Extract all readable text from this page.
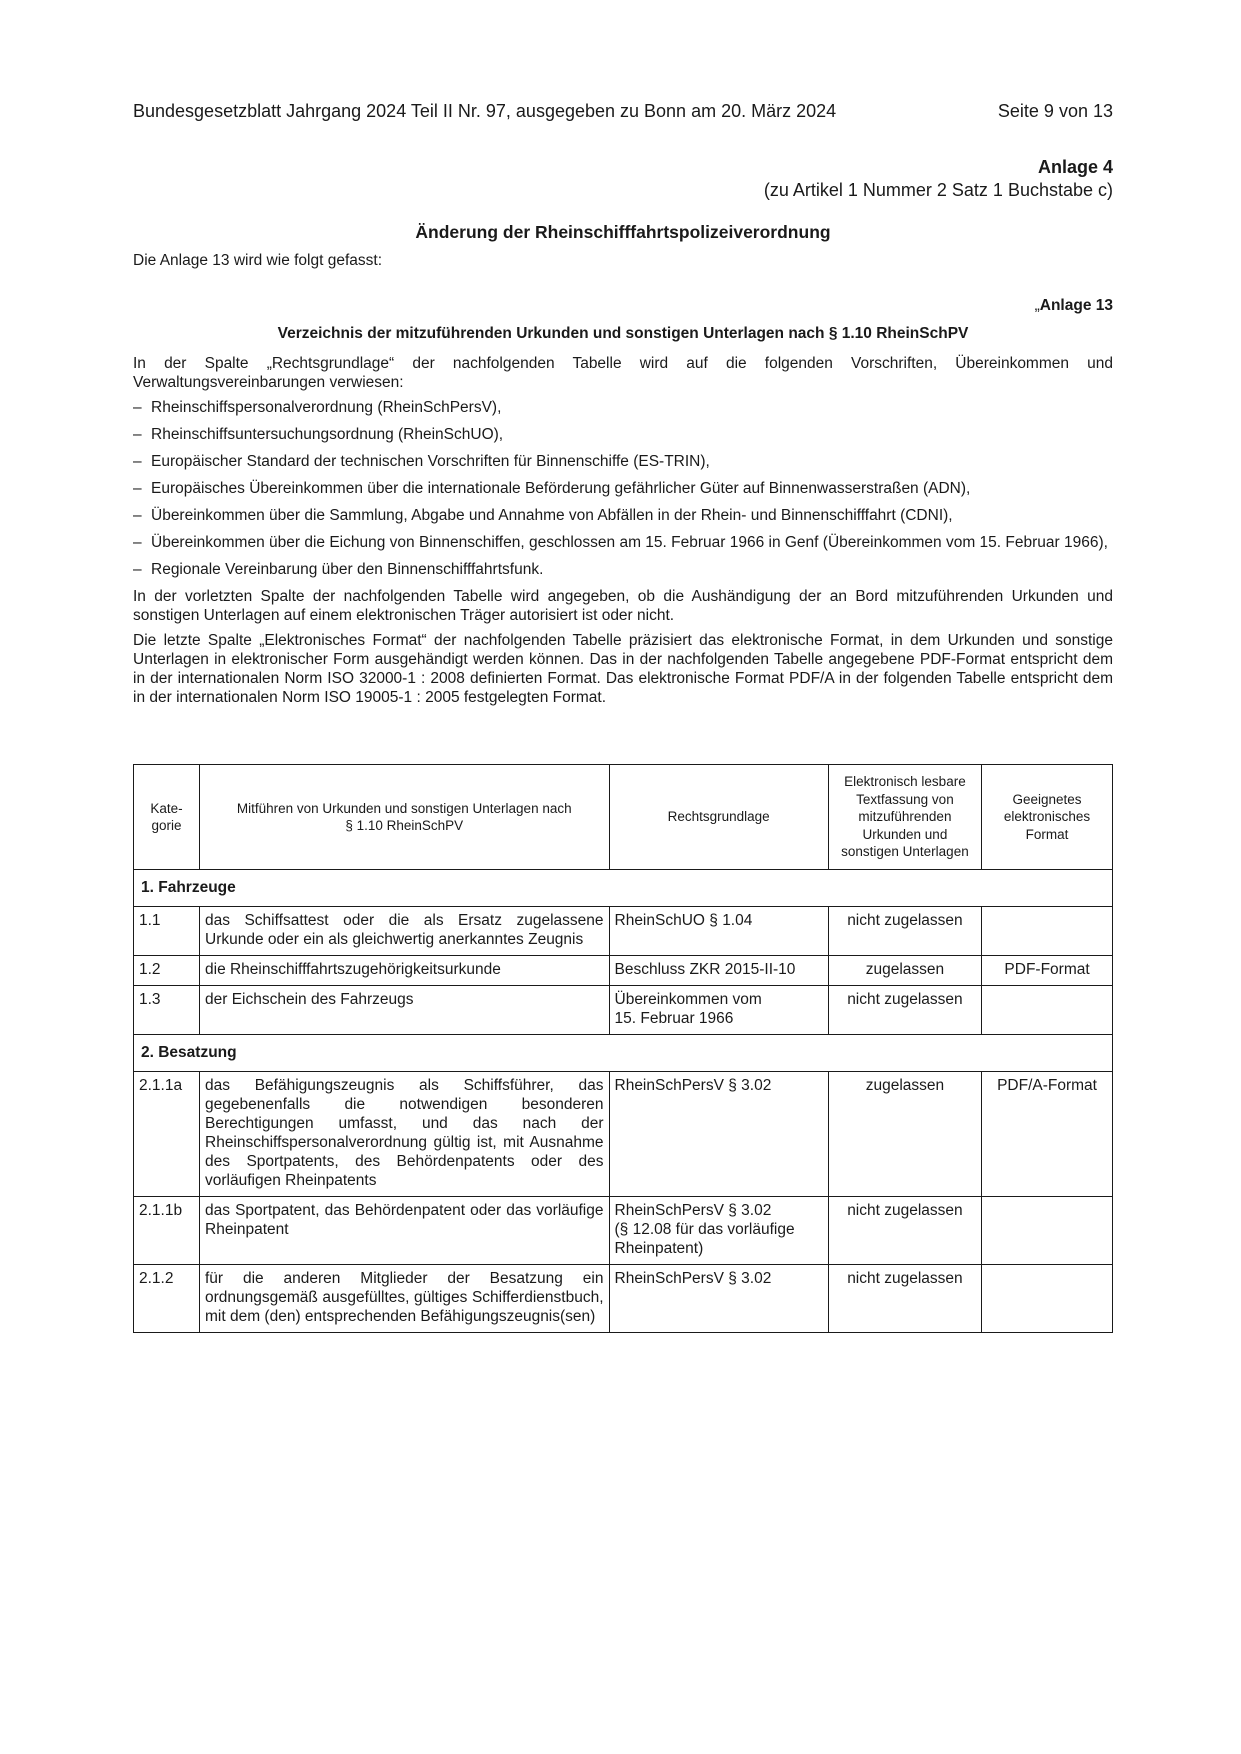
Bundesgesetzblatt Jahrgang 2024 Teil II Nr. 97, ausgegeben zu Bonn am 20. März 2024	Seite 9 von 13
Anlage 4
(zu Artikel 1 Nummer 2 Satz 1 Buchstabe c)
Änderung der Rheinschifffahrtspolizeiverordnung
Die Anlage 13 wird wie folgt gefasst:
„Anlage 13
Verzeichnis der mitzuführenden Urkunden und sonstigen Unterlagen nach § 1.10 RheinSchPV

In der Spalte „Rechtsgrundlage“ der nachfolgenden Tabelle wird auf die folgenden Vorschriften, Übereinkommen und Verwaltungsvereinbarungen verwiesen:

– Rheinschiffspersonalverordnung (RheinSchPersV),
– Rheinschiffsuntersuchungsordnung (RheinSchUO),
– Europäischer Standard der technischen Vorschriften für Binnenschiffe (ES-TRIN),
– Europäisches Übereinkommen über die internationale Beförderung gefährlicher Güter auf Binnenwasserstraßen (ADN),
– Übereinkommen über die Sammlung, Abgabe und Annahme von Abfällen in der Rhein- und Binnenschifffahrt (CDNI),
– Übereinkommen über die Eichung von Binnenschiffen, geschlossen am 15. Februar 1966 in Genf (Übereinkommen vom 15. Februar 1966),
– Regionale Vereinbarung über den Binnenschifffahrtsfunk.

In der vorletzten Spalte der nachfolgenden Tabelle wird angegeben, ob die Aushändigung der an Bord mitzuführenden Urkunden und sonstigen Unterlagen auf einem elektronischen Träger autorisiert ist oder nicht.

Die letzte Spalte „Elektronisches Format“ der nachfolgenden Tabelle präzisiert das elektronische Format, in dem Urkunden und sonstige Unterlagen in elektronischer Form ausgehändigt werden können. Das in der nachfolgenden Tabelle angegebene PDF-Format entspricht dem in der internationalen Norm ISO 32000-1 : 2008 definierten Format. Das elektronische Format PDF/A in der folgenden Tabelle entspricht dem in der internationalen Norm ISO 19005-1 : 2005 festgelegten Format.

Kate-
gorie	Mitführen von Urkunden und sonstigen Unterlagen nach
§ 1.10 RheinSchPV	Rechtsgrundlage	Elektronisch lesbare Textfassung von mitzuführenden Urkunden und sonstigen Unterlagen	Geeignetes elektronisches Format
1. Fahrzeuge				
1.1	das Schiffsattest oder die als Ersatz zugelassene Urkunde oder ein als gleichwertig anerkanntes Zeugnis	RheinSchUO § 1.04	nicht zugelassen	
1.2	die Rheinschifffahrtszugehörigkeitsurkunde	Beschluss ZKR 2015-II-10	zugelassen	PDF-Format
1.3	der Eichschein des Fahrzeugs	Übereinkommen vom
15. Februar 1966	nicht zugelassen	
2. Besatzung				
2.1.1a	das Befähigungszeugnis als Schiffsführer, das gegebenenfalls die notwendigen besonderen Berechtigungen umfasst, und das nach der Rheinschiffspersonalverordnung gültig ist, mit Ausnahme des Sportpatents, des Behördenpatents oder des vorläufigen Rheinpatents	RheinSchPersV § 3.02	zugelassen	PDF/A-Format
2.1.1b	das Sportpatent, das Behördenpatent oder das vorläufige Rheinpatent	RheinSchPersV § 3.02
(§ 12.08 für das vorläufige Rheinpatent)	nicht zugelassen	
2.1.2	für die anderen Mitglieder der Besatzung ein ordnungsgemäß ausgefülltes, gültiges Schifferdienstbuch, mit dem (den) entsprechenden Befähigungszeugnis(sen)	RheinSchPersV § 3.02	nicht zugelassen	
